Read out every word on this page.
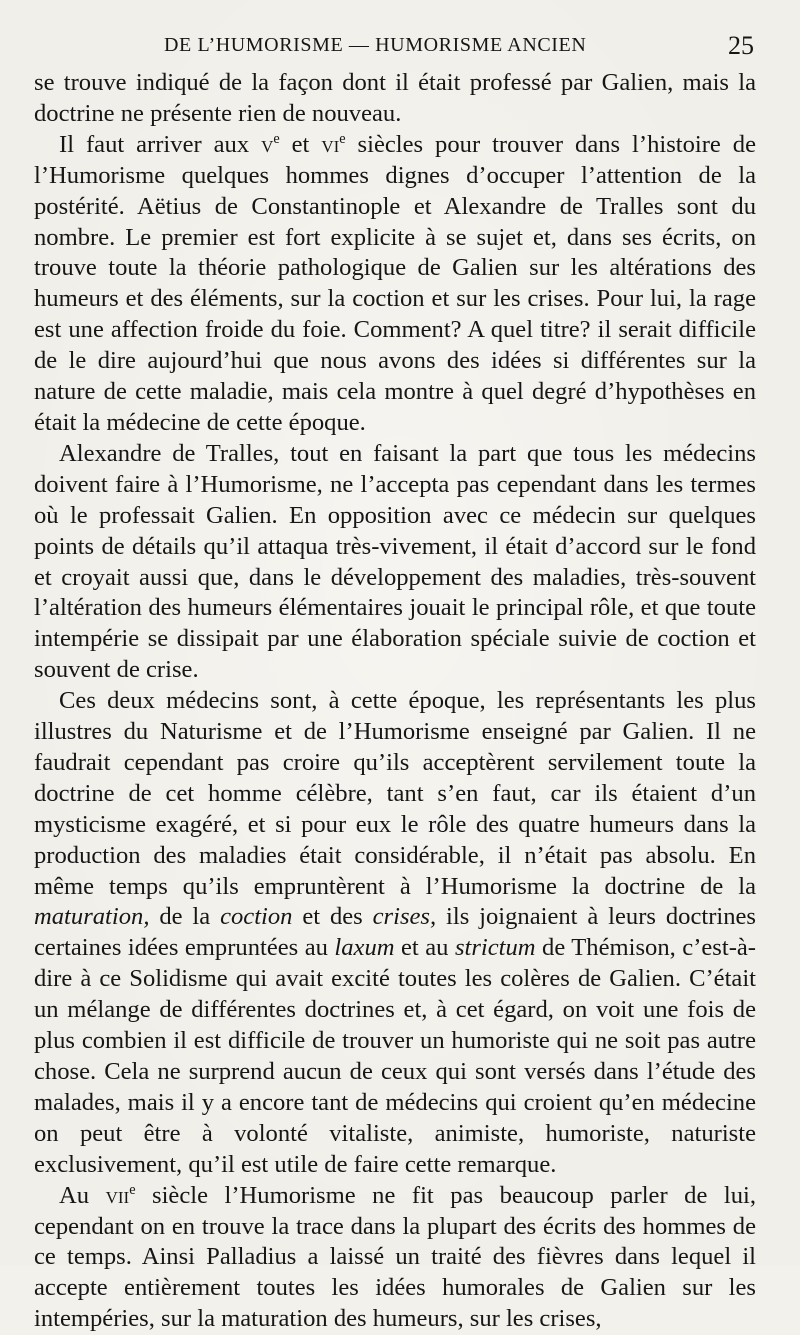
DE L’HUMORISME — HUMORISME ANCIEN	25

se trouve indiqué de la façon dont il était professé par Galien, mais la doctrine ne présente rien de nouveau.

Il faut arriver aux $v^e$ et $vi^e$ siècles pour trouver dans l’histoire de l’Humorisme quelques hommes dignes d’occuper l’attention de la postérité. Aëtius de Constantinople et Alexandre de Tralles sont du nombre. Le premier est fort explicite à se sujet et, dans ses écrits, on trouve toute la théorie pathologique de Galien sur les altérations des humeurs et des éléments, sur la coction et sur les crises. Pour lui, la rage est une affection froide du foie. Comment? A quel titre? il serait difficile de le dire aujourd’hui que nous avons des idées si différentes sur la nature de cette maladie, mais cela montre à quel degré d’hypothèses en était la médecine de cette époque.

Alexandre de Tralles, tout en faisant la part que tous les médecins doivent faire à l’Humorisme, ne l’accepta pas cependant dans les termes où le professait Galien. En opposition avec ce médecin sur quelques points de détails qu’il attaqua très-vivement, il était d’accord sur le fond et croyait aussi que, dans le développement des maladies, très-souvent l’altération des humeurs élémentaires jouait le principal rôle, et que toute intempérie se dissipait par une élaboration spéciale suivie de coction et souvent de crise.

Ces deux médecins sont, à cette époque, les représentants les plus illustres du Naturisme et de l’Humorisme enseigné par Galien. Il ne faudrait cependant pas croire qu’ils acceptèrent servilement toute la doctrine de cet homme célèbre, tant s’en faut, car ils étaient d’un mysticisme exagéré, et si pour eux le rôle des quatre humeurs dans la production des maladies était considérable, il n’était pas absolu. En même temps qu’ils empruntèrent à l’Humorisme la doctrine de la maturation, de la coction et des crises, ils joignaient à leurs doctrines certaines idées empruntées au laxum et au strictum de Thémison, c’est-à-dire à ce Solidisme qui avait excité toutes les colères de Galien. C’était un mélange de différentes doctrines et, à cet égard, on voit une fois de plus combien il est difficile de trouver un humoriste qui ne soit pas autre chose. Cela ne surprend aucun de ceux qui sont versés dans l’étude des malades, mais il y a encore tant de médecins qui croient qu’en médecine on peut être à volonté vitaliste, animiste, humoriste, naturiste exclusivement, qu’il est utile de faire cette remarque.

Au vii$^e$ siècle l’Humorisme ne fit pas beaucoup parler de lui, cependant on en trouve la trace dans la plupart des écrits des hommes de ce temps. Ainsi Palladius a laissé un traité des fièvres dans lequel il accepte entièrement toutes les idées humorales de Galien sur les intempéries, sur la maturation des humeurs, sur les crises,
